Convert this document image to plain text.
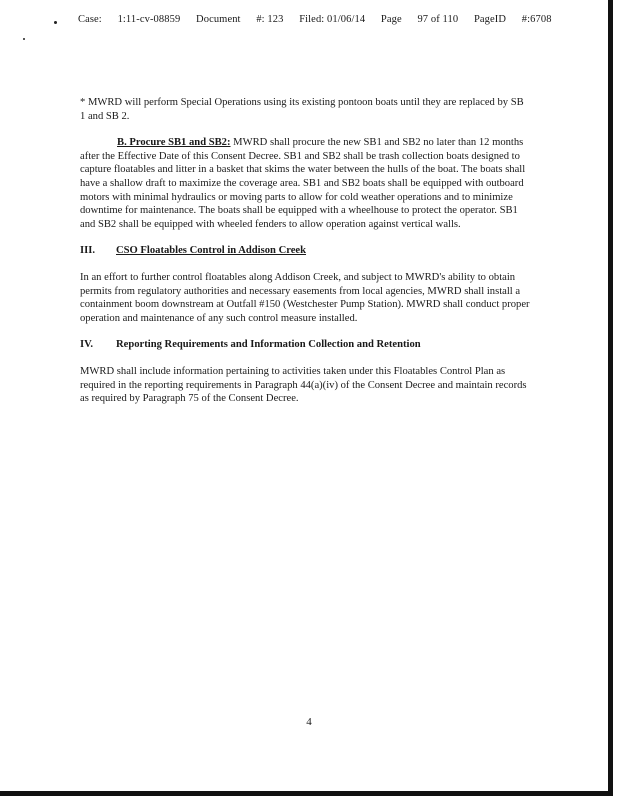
Case: 1:11-cv-08859 Document #: 123 Filed: 01/06/14 Page 97 of 110 PageID #:6708

* MWRD will perform Special Operations using its existing pontoon boats until they are replaced by SB 1 and SB 2.

B. Procure SB1 and SB2: MWRD shall procure the new SB1 and SB2 no later than 12 months after the Effective Date of this Consent Decree. SB1 and SB2 shall be trash collection boats designed to capture floatables and litter in a basket that skims the water between the hulls of the boat. The boats shall have a shallow draft to maximize the coverage area. SB1 and SB2 boats shall be equipped with outboard motors with minimal hydraulics or moving parts to allow for cold weather operations and to minimize downtime for maintenance. The boats shall be equipped with a wheelhouse to protect the operator. SB1 and SB2 shall be equipped with wheeled fenders to allow operation against vertical walls.

III.	CSO Floatables Control in Addison Creek

In an effort to further control floatables along Addison Creek, and subject to MWRD's ability to obtain permits from regulatory authorities and necessary easements from local agencies, MWRD shall install a containment boom downstream at Outfall #150 (Westchester Pump Station). MWRD shall conduct proper operation and maintenance of any such control measure installed.

IV.	Reporting Requirements and Information Collection and Retention

MWRD shall include information pertaining to activities taken under this Floatables Control Plan as required in the reporting requirements in Paragraph 44(a)(iv) of the Consent Decree and maintain records as required by Paragraph 75 of the Consent Decree.

4
